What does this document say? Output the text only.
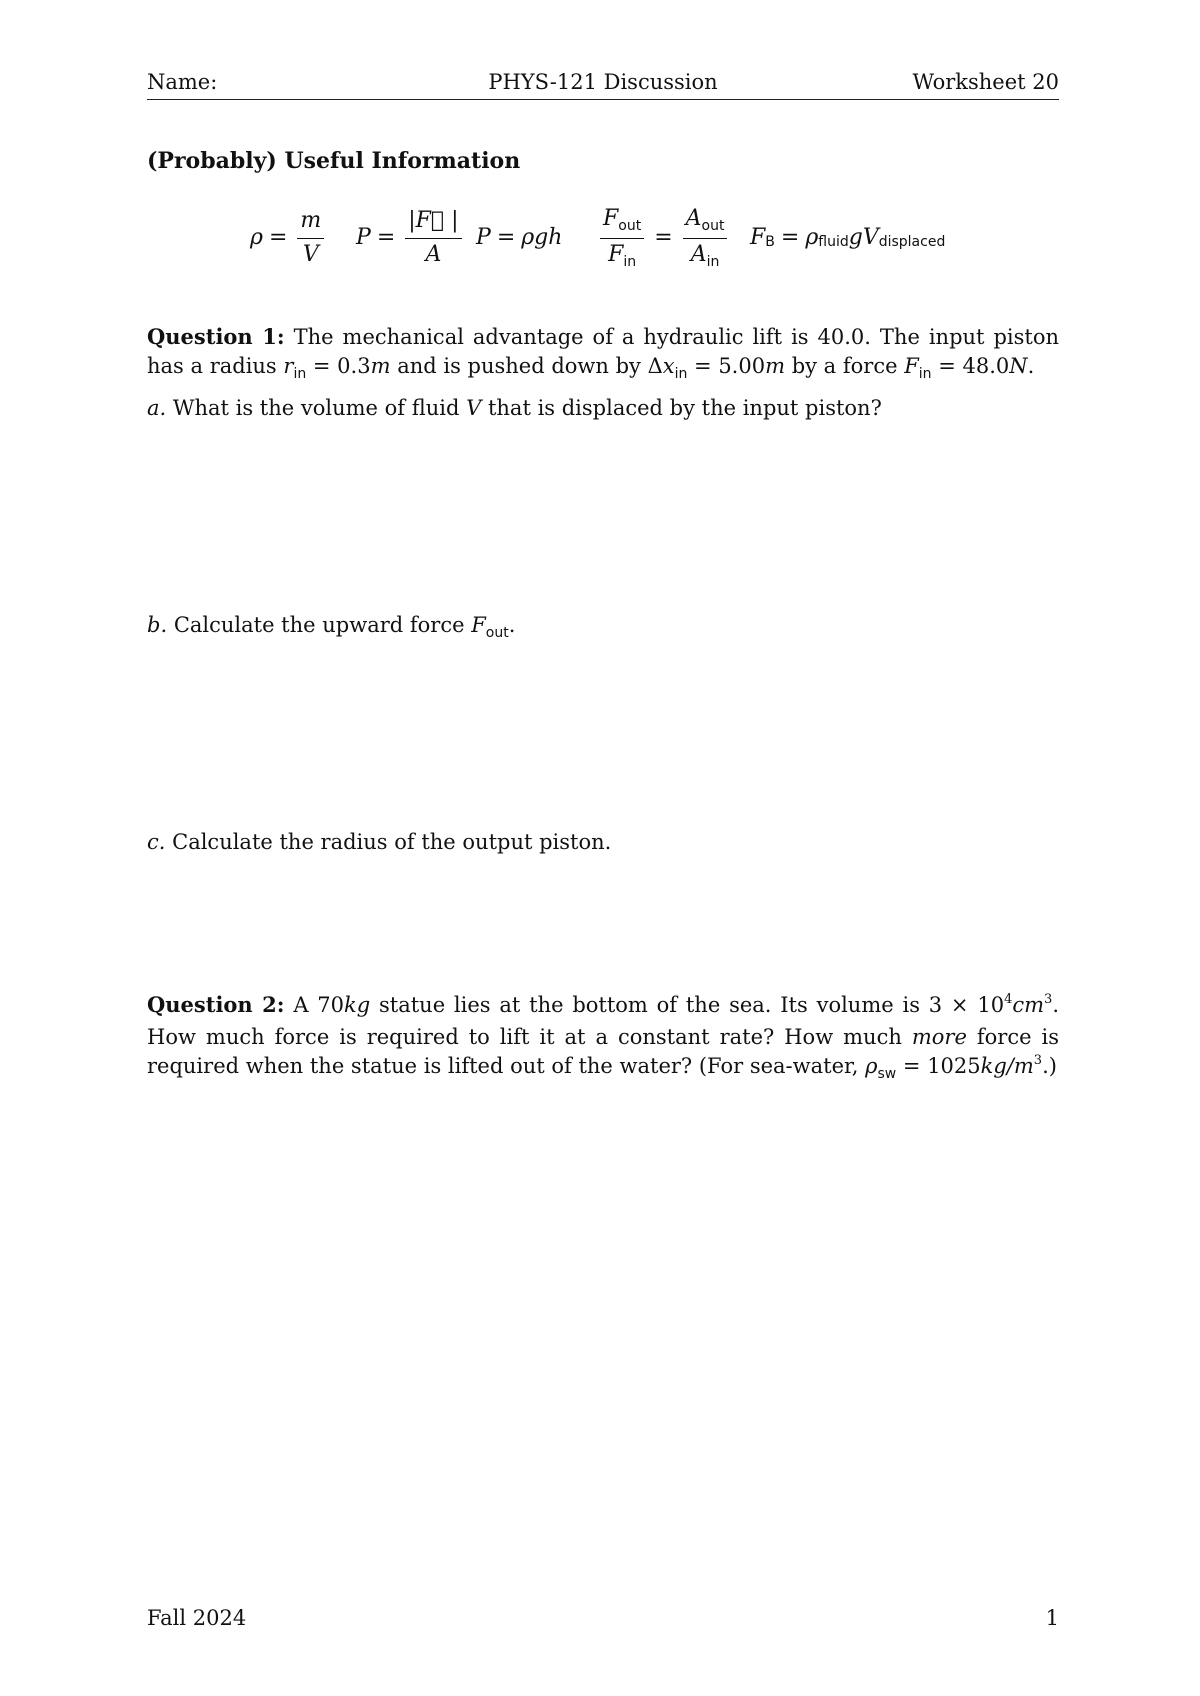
Name:	PHYS-121 Discussion	Worksheet 20
(Probably) Useful Information
$\rho = \frac{m}{V}$ $P = \frac{|F⃗ |}{A}$ P = ρgh $\frac{F_{out}}{F_{in}} = \frac{A_{out}}{A_{in}}$ F B = ρ fluid g V displaced
Question 1: The mechanical advantage of a hydraulic lift is 40.0. The input piston has a radius $r_{in} = 0.3m$ and is pushed down by $\Delta x_{in} = 5.00m$ by a force $F_{in} = 48.0N$.
a. What is the volume of fluid V that is displaced by the input piston?
b. Calculate the upward force $F_{out}$.
c. Calculate the radius of the output piston.
Question 2: A 70kg statue lies at the bottom of the sea. Its volume is $3 \times 10^4cm^3$. How much force is required to lift it at a constant rate? How much more force is required when the statue is lifted out of the water? (For sea-water, $\rho_{sw} = 1025kg/m^3$.)
Fall 2024	1
